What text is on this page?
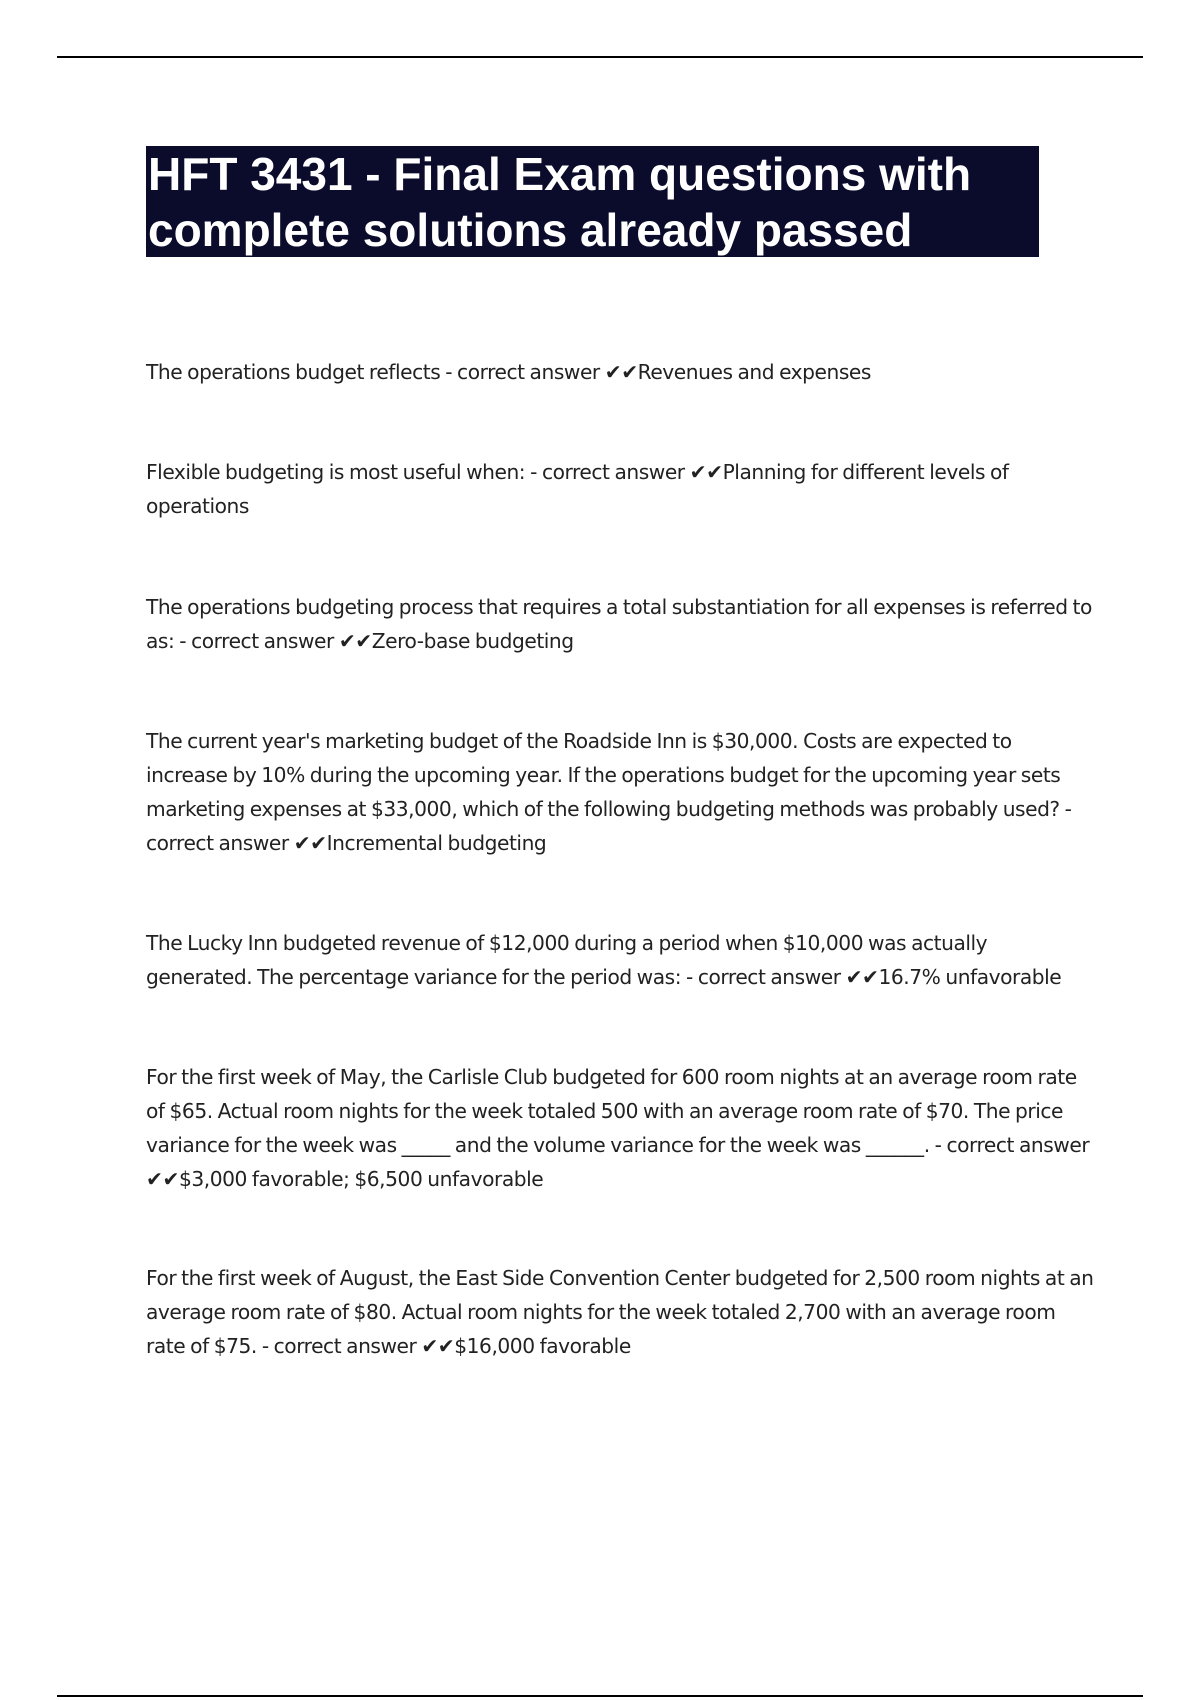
HFT 3431 - Final Exam questions with
complete solutions already passed

The operations budget reflects - correct answer ✔✔Revenues and expenses

Flexible budgeting is most useful when: - correct answer ✔✔Planning for different levels of operations

The operations budgeting process that requires a total substantiation for all expenses is referred to as: - correct answer ✔✔Zero-base budgeting

The current year's marketing budget of the Roadside Inn is $30,000. Costs are expected to increase by 10% during the upcoming year. If the operations budget for the upcoming year sets marketing expenses at $33,000, which of the following budgeting methods was probably used? - correct answer ✔✔Incremental budgeting

The Lucky Inn budgeted revenue of $12,000 during a period when $10,000 was actually generated. The percentage variance for the period was: - correct answer ✔✔16.7% unfavorable

For the first week of May, the Carlisle Club budgeted for 600 room nights at an average room rate of $65. Actual room nights for the week totaled 500 with an average room rate of $70. The price variance for the week was _____ and the volume variance for the week was ______. - correct answer ✔✔$3,000 favorable; $6,500 unfavorable

For the first week of August, the East Side Convention Center budgeted for 2,500 room nights at an average room rate of $80. Actual room nights for the week totaled 2,700 with an average room rate of $75. - correct answer ✔✔$16,000 favorable
